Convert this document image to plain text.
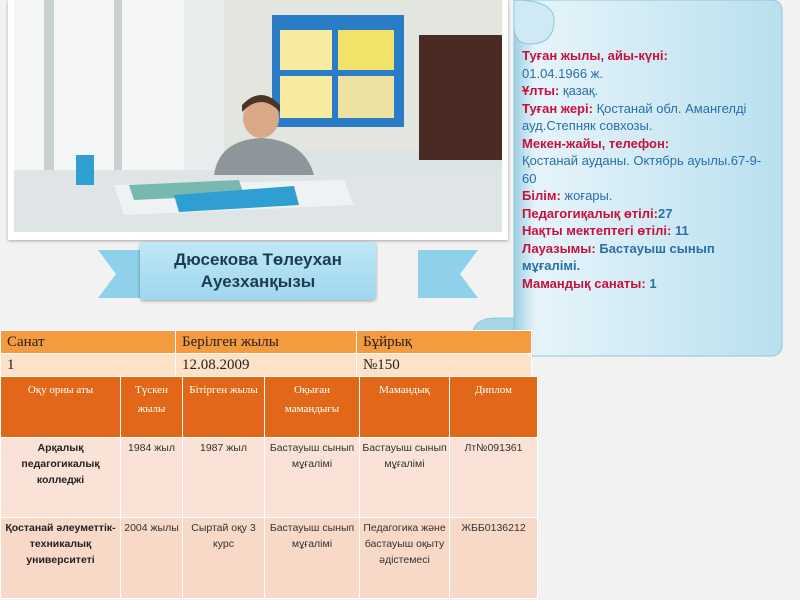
Дюсекова Төлеухан
Ауезханқызы
Туған жылы, айы-күні:
01.04.1966 ж.
Ұлты: қазақ.
Туған жері: Қостанай обл. Амангелді ауд.Степняк совхозы.
Мекен-жайы, телефон:
Қостанай ауданы. Октябрь ауылы.67-9-60
Білім: жоғары.
Педагогиқалық өтілі:27
Нақты мектептегі өтілі: 11
Лауазымы: Бастауыш сынып мұғалімі.
Мамандық санаты: 1
Санат	Берілген жылы	Бұйрық
1	12.08.2009	№150
Оқу орны аты	Түскен жылы	Бітірген жылы	Оқыған мамандығы	Мамандық	Диплом
Арқалық педагогикалық колледжі	1984 жыл	1987 жыл	Бастауыш сынып мұғалімі	Бастауыш сынып мұғалімі	Лт№091361
Қостанай әлеуметтік-техникалық университеті	2004 жылы	Сыртай оқу 3 курс	Бастауыш сынып мұғалімі	Педагогика және бастауыш оқыту әдістемесі	ЖББ0136212
